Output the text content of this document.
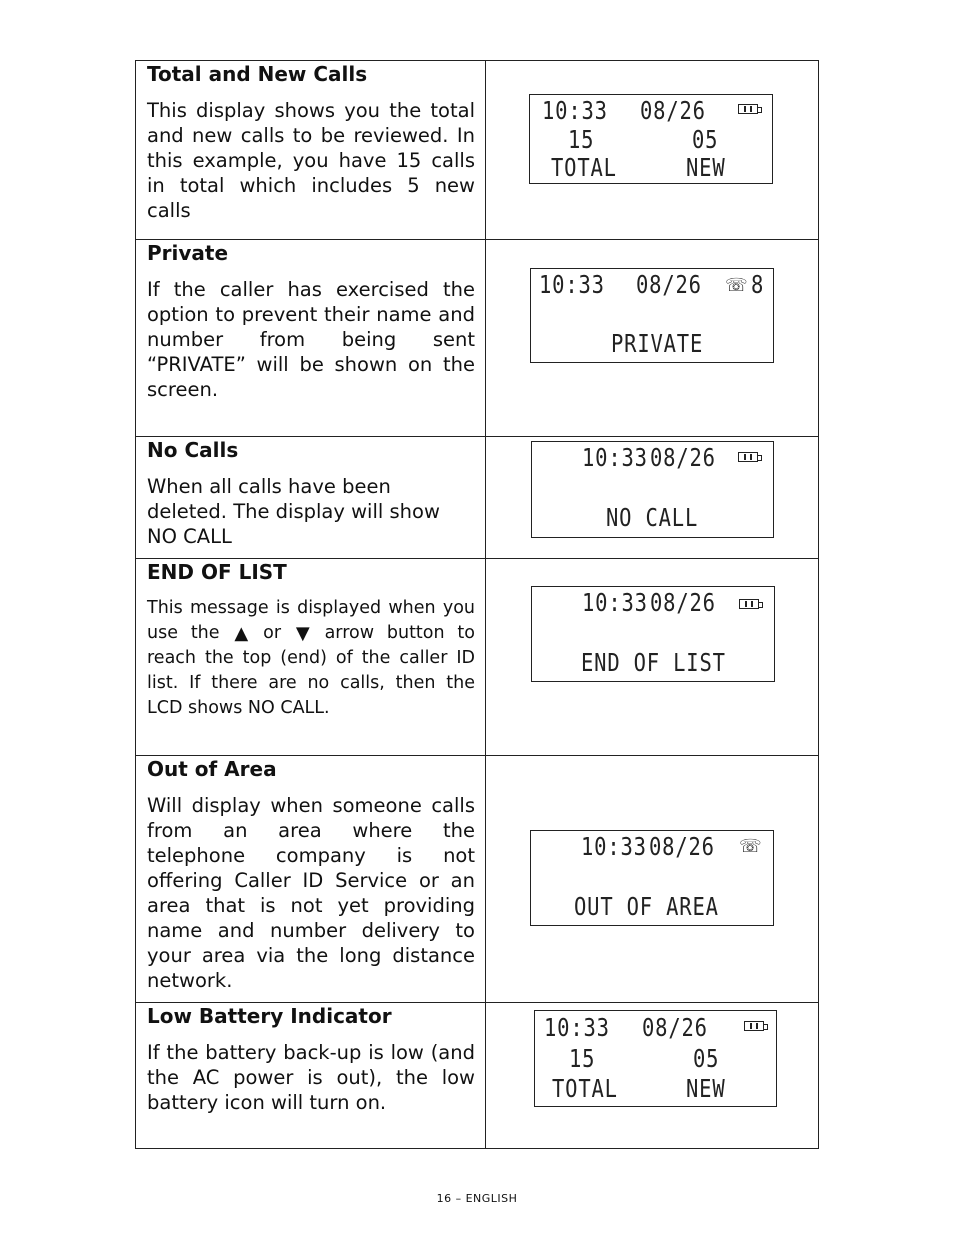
Total and New Calls

This display shows you the total and new calls to be reviewed. In this example, you have 15 calls in total which includes 5 new calls

10:33 08/26
15	05
TOTAL	NEW

Private

If the caller has exercised the option to prevent their name and number from being sent “PRIVATE” will be shown on the screen.

10:33 08/26 ☏ 8
PRIVATE

No Calls

When all calls have been deleted. The display will show NO CALL

10:33 08/26
NO CALL

END OF LIST

This message is displayed when you use the ▲ or ▼ arrow button to reach the top (end) of the caller ID list. If there are no calls, then the LCD shows NO CALL.

10:33 08/26
END OF LIST

Out of Area

Will display when someone calls from an area where the telephone company is not offering Caller ID Service or an area that is not yet providing name and number delivery to your area via the long distance network.

10:33 08/26 ☏
OUT OF AREA

Low Battery Indicator

If the battery back-up is low (and the AC power is out), the low battery icon will turn on.

10:33 08/26
15	05
TOTAL	NEW
16 – ENGLISH
